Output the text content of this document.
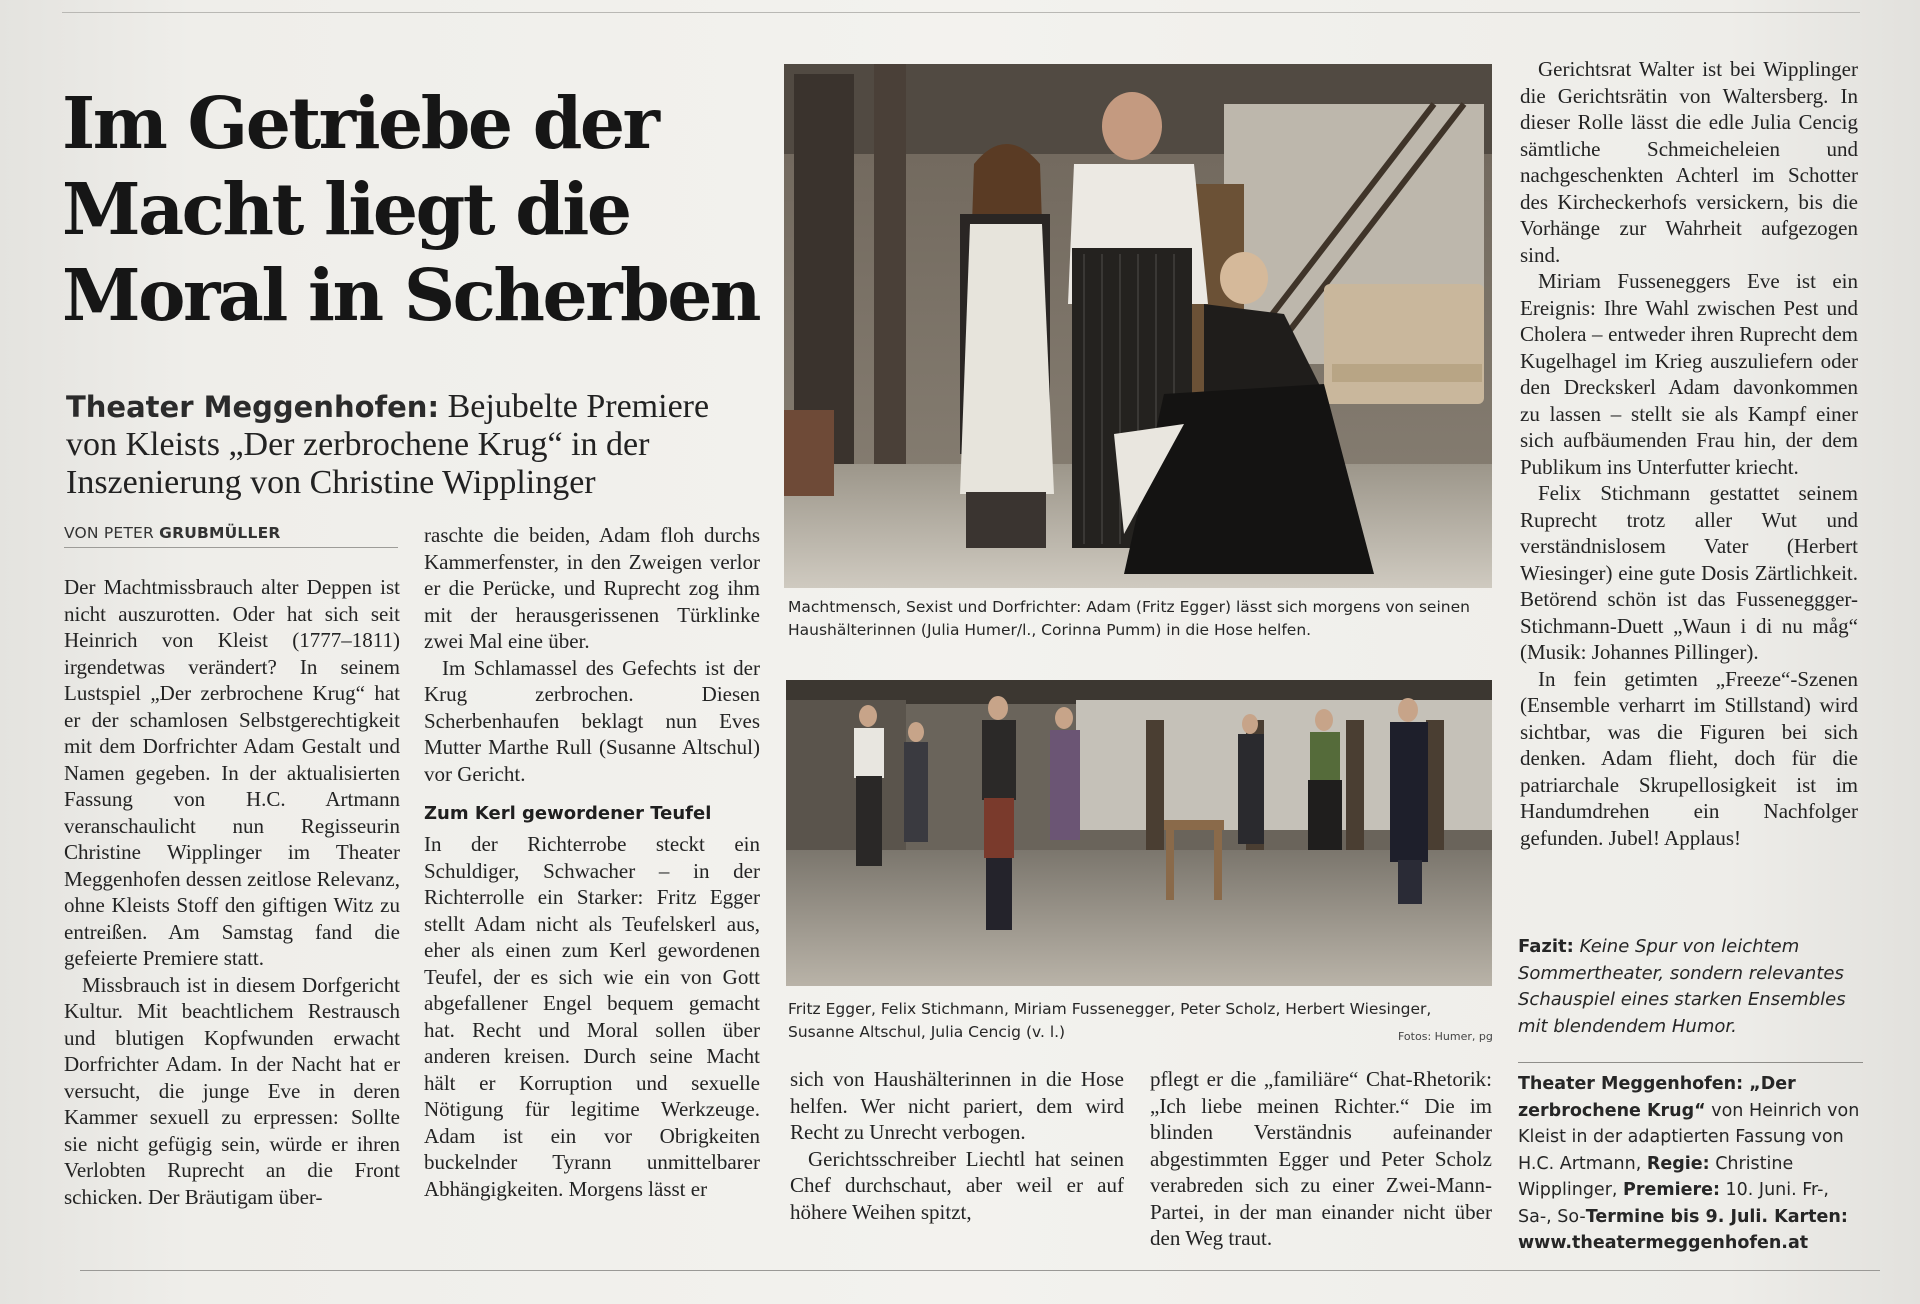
Im Getriebe der
Macht liegt die
Moral in Scherben

Theater Meggenhofen: Bejubelte Premiere
von Kleists „Der zerbrochene Krug“ in der
Inszenierung von Christine Wipplinger

VON PETER GRUBMÜLLER

Der Machtmissbrauch alter Deppen ist nicht auszurotten. Oder hat sich seit Heinrich von Kleist (1777–1811) irgendetwas verändert? In seinem Lustspiel „Der zerbrochene Krug“ hat er der schamlosen Selbstgerechtigkeit mit dem Dorfrichter Adam Gestalt und Namen gegeben. In der aktualisierten Fassung von H.C. Artmann veranschaulicht nun Regisseurin Christine Wipplinger im Theater Meggenhofen dessen zeitlose Relevanz, ohne Kleists Stoff den giftigen Witz zu entreißen. Am Samstag fand die gefeierte Premiere statt.

Missbrauch ist in diesem Dorfgericht Kultur. Mit beachtlichem Restrausch und blutigen Kopfwunden erwacht Dorfrichter Adam. In der Nacht hat er versucht, die junge Eve in deren Kammer sexuell zu erpressen: Sollte sie nicht gefügig sein, würde er ihren Verlobten Ruprecht an die Front schicken. Der Bräutigam über-

raschte die beiden, Adam floh durchs Kammerfenster, in den Zweigen verlor er die Perücke, und Ruprecht zog ihm mit der herausgerissenen Türklinke zwei Mal eine über.

Im Schlamassel des Gefechts ist der Krug zerbrochen. Diesen Scherbenhaufen beklagt nun Eves Mutter Marthe Rull (Susanne Altschul) vor Gericht.

Zum Kerl gewordener Teufel

In der Richterrobe steckt ein Schuldiger, Schwacher – in der Richterrolle ein Starker: Fritz Egger stellt Adam nicht als Teufelskerl aus, eher als einen zum Kerl gewordenen Teufel, der es sich wie ein von Gott abgefallener Engel bequem gemacht hat. Recht und Moral sollen über anderen kreisen. Durch seine Macht hält er Korruption und sexuelle Nötigung für legitime Werkzeuge. Adam ist ein vor Obrigkeiten buckelnder Tyrann unmittelbarer Abhängigkeiten. Morgens lässt er

Machtmensch, Sexist und Dorfrichter: Adam (Fritz Egger) lässt sich morgens von seinen Haushälterinnen (Julia Humer/l., Corinna Pumm) in die Hose helfen.

Fritz Egger, Felix Stichmann, Miriam Fussenegger, Peter Scholz, Herbert Wiesinger, Susanne Altschul, Julia Cencig (v. l.)	Fotos: Humer, pg

sich von Haushälterinnen in die Hose helfen. Wer nicht pariert, dem wird Recht zu Unrecht verbogen.

Gerichtsschreiber Liechtl hat seinen Chef durchschaut, aber weil er auf höhere Weihen spitzt,

pflegt er die „familiäre“ Chat-Rhetorik: „Ich liebe meinen Richter.“ Die im blinden Verständnis aufeinander abgestimmten Egger und Peter Scholz verabreden sich zu einer Zwei-Mann-Partei, in der man einander nicht über den Weg traut.

Gerichtsrat Walter ist bei Wipplinger die Gerichtsrätin von Waltersberg. In dieser Rolle lässt die edle Julia Cencig sämtliche Schmeicheleien und nachgeschenkten Achterl im Schotter des Kircheckerhofs versickern, bis die Vorhänge zur Wahrheit aufgezogen sind.

Miriam Fusseneggers Eve ist ein Ereignis: Ihre Wahl zwischen Pest und Cholera – entweder ihren Ruprecht dem Kugelhagel im Krieg auszuliefern oder den Dreckskerl Adam davonkommen zu lassen – stellt sie als Kampf einer sich aufbäumenden Frau hin, der dem Publikum ins Unterfutter kriecht.

Felix Stichmann gestattet seinem Ruprecht trotz aller Wut und verständnislosem Vater (Herbert Wiesinger) eine gute Dosis Zärtlichkeit. Betörend schön ist das Fusseneggger-Stichmann-Duett „Waun i di nu måg“ (Musik: Johannes Pillinger).

In fein getimten „Freeze“-Szenen (Ensemble verharrt im Stillstand) wird sichtbar, was die Figuren bei sich denken. Adam flieht, doch für die patriarchale Skrupellosigkeit ist im Handumdrehen ein Nachfolger gefunden. Jubel! Applaus!

Fazit: Keine Spur von leichtem Sommertheater, sondern relevantes Schauspiel eines starken Ensembles mit blendendem Humor.

Theater Meggenhofen: „Der zerbrochene Krug“ von Heinrich von Kleist in der adaptierten Fassung von H.C. Artmann, Regie: Christine Wipplinger, Premiere: 10. Juni. Fr-, Sa-, So-Termine bis 9. Juli. Karten: www.theatermeggenhofen.at
